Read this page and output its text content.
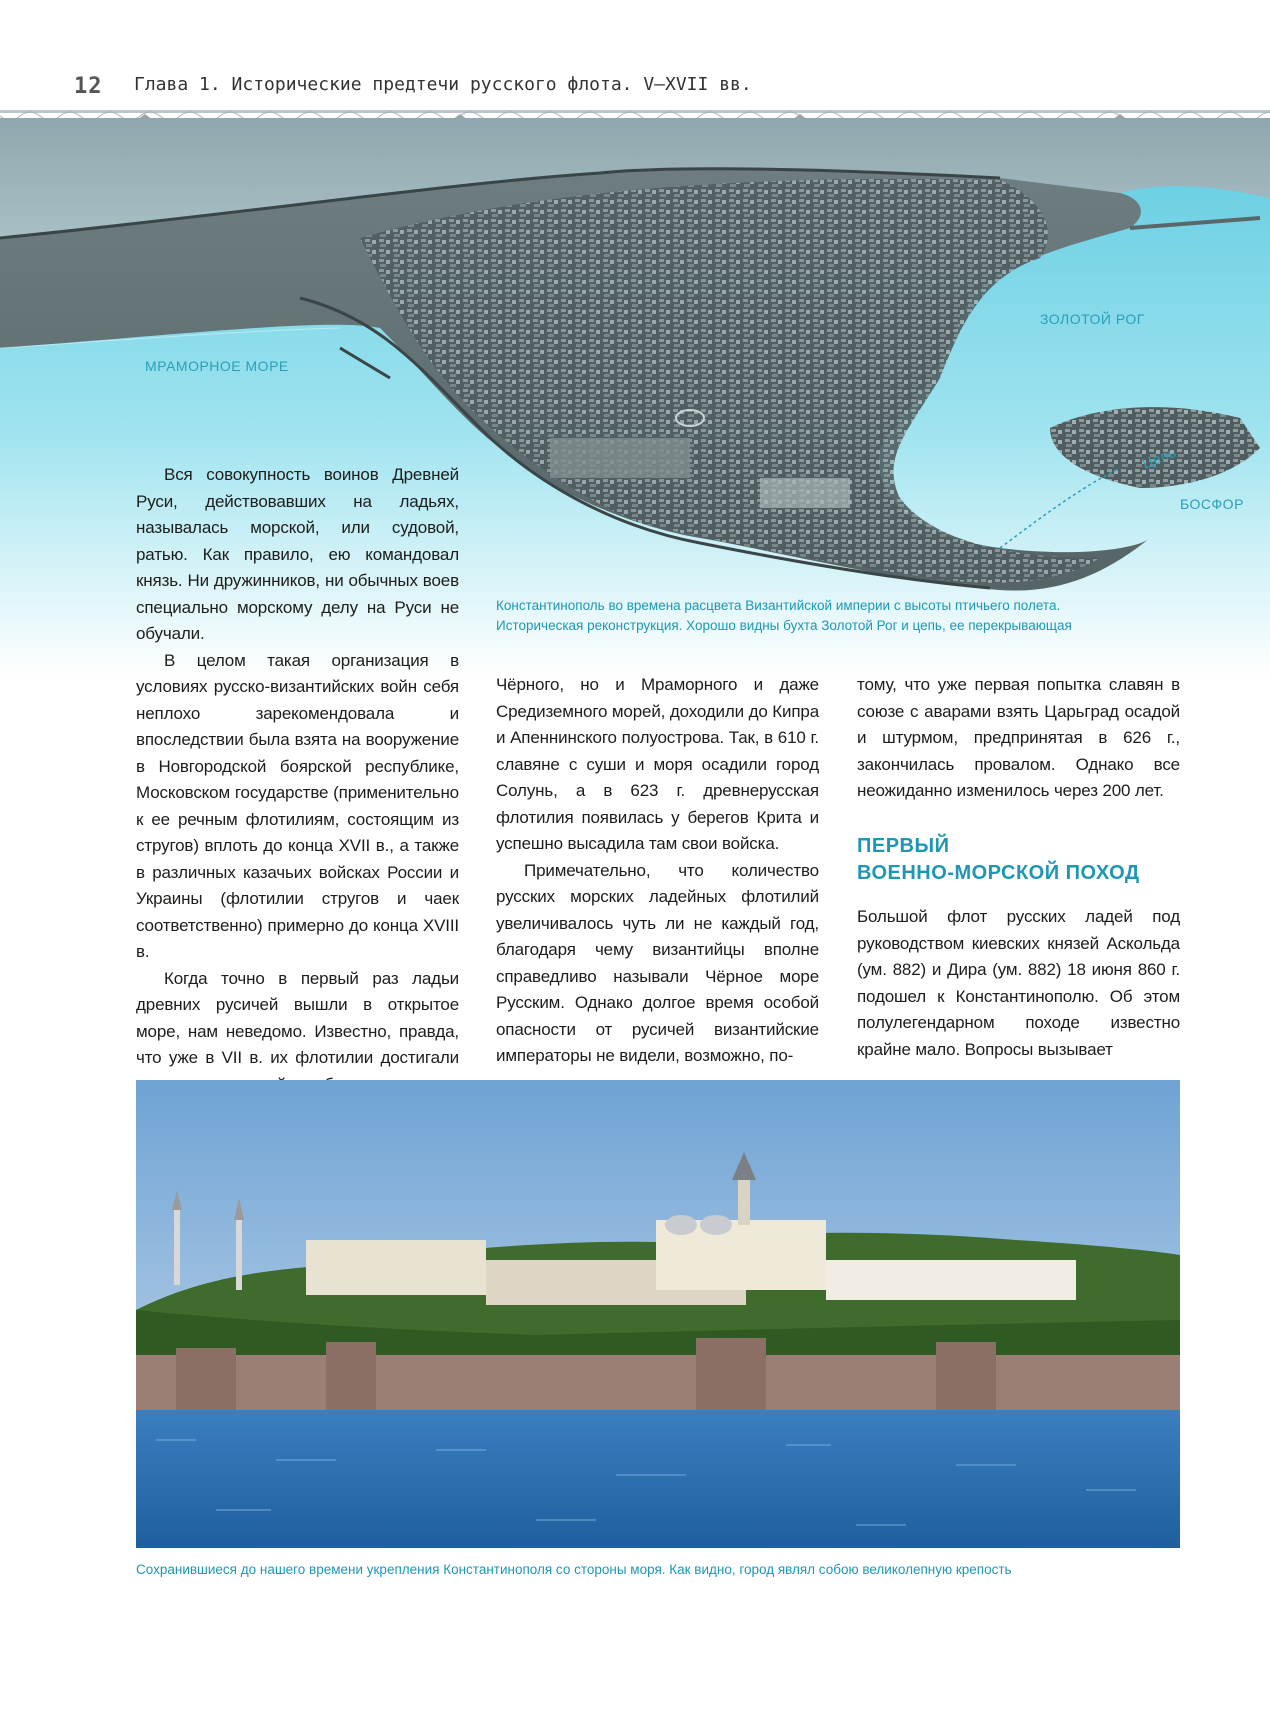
12 Глава 1. Исторические предтечи русского флота. V–XVII вв.
МРАМОРНОЕ МОРЕ
ЗОЛОТОЙ РОГ
Цепь
БОСФОР
Константинополь во времена расцвета Византийской империи с высоты птичьего полета.
Историческая реконструкция. Хорошо видны бухта Золотой Рог и цепь, ее перекрывающая

Вся совокупность воинов Древней Руси, действовавших на ладьях, называлась морской, или судовой, ратью. Как правило, ею командовал князь. Ни дружинников, ни обычных воев специально морскому делу на Руси не обучали.

В целом такая организация в условиях русско-византийских войн себя неплохо зарекомендовала и впоследствии была взята на вооружение в Новгородской боярской республике, Московском государстве (применительно к ее речным флотилиям, состоящим из стругов) вплоть до конца XVII в., а также в различных казачьих войсках России и Украины (флотилии стругов и чаек соответственно) примерно до конца XVIII в.

Когда точно в первый раз ладьи древних русичей вышли в открытое море, нам неведомо. Известно, правда, что уже в VII в. их флотилии достигали

Чёрного, но и Мраморного и даже Средиземного морей, доходили до Кипра и Апеннинского полуострова. Так, в 610 г. славяне с суши и моря осадили город Солунь, а в 623 г. древнерусская флотилия появилась у берегов Крита и успешно высадила там свои войска.

Примечательно, что количество русских морских ладейных флотилий увеличивалось чуть ли не каждый год, благодаря чему византийцы вполне справедливо называли Чёрное море Русским. Однако долгое время особой опасности от русичей византийские императоры не видели, возможно, по-

тому, что уже первая попытка славян в союзе с аварами взять Царьград осадой и штурмом, предпринятая в 626 г., закончилась провалом. Однако все неожиданно изменилось через 200 лет.

ПЕРВЫЙ
ВОЕННО-МОРСКОЙ ПОХОД

Большой флот русских ладей под руководством киевских князей Аскольда (ум. 882) и Дира (ум. 882) 18 июня 860 г. подошел к Константинополю. Об этом полулегендарном походе известно крайне мало. Вопросы вызывает

Сохранившиеся до нашего времени укрепления Константинополя со стороны моря. Как видно, город являл собою великолепную крепость
